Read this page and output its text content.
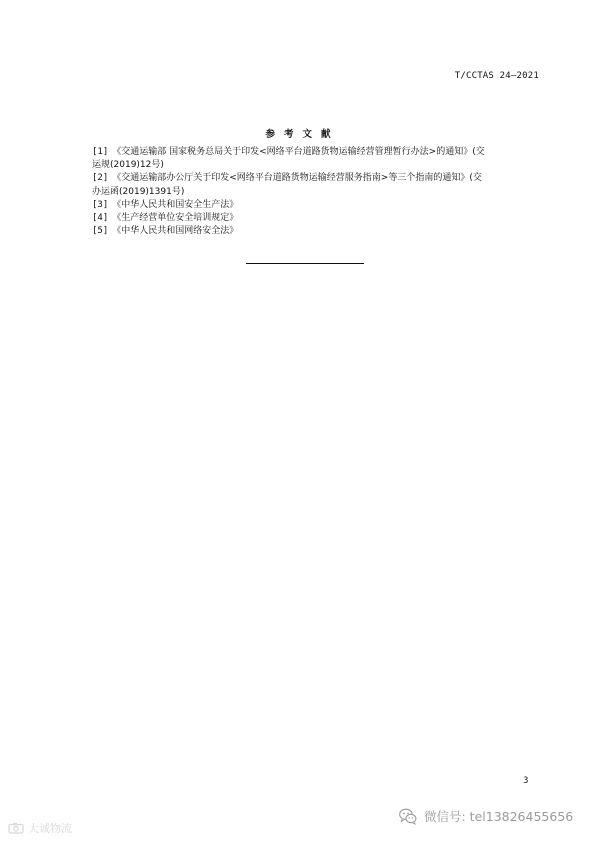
T/CCTAS 24—2021
参考文献
[1] 《交通运输部 国家税务总局关于印发<网络平台道路货物运输经营管理暂行办法>的通知》(交
运规(2019)12号)
[2] 《交通运输部办公厅关于印发<网络平台道路货物运输经营服务指南>等三个指南的通知》(交
办运函(2019)1391号)
[3] 《中华人民共和国安全生产法》
[4] 《生产经营单位安全培训规定》
[5] 《中华人民共和国网络安全法》
3
微信号: tel13826455656
大诚物流
